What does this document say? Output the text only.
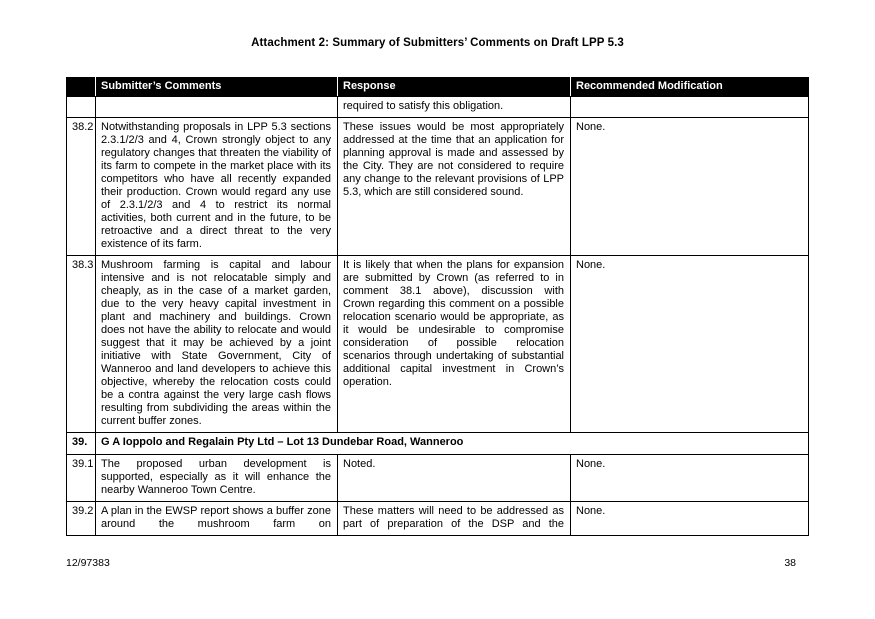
Attachment 2: Summary of Submitters’ Comments on Draft LPP 5.3
	Submitter’s Comments	Response	Recommended Modification
		required to satisfy this obligation.	
38.2	Notwithstanding proposals in LPP 5.3 sections 2.3.1/2/3 and 4, Crown strongly object to any regulatory changes that threaten the viability of its farm to compete in the market place with its competitors who have all recently expanded their production. Crown would regard any use of 2.3.1/2/3 and 4 to restrict its normal activities, both current and in the future, to be retroactive and a direct threat to the very existence of its farm.	These issues would be most appropriately addressed at the time that an application for planning approval is made and assessed by the City. They are not considered to require any change to the relevant provisions of LPP 5.3, which are still considered sound.	None.
38.3	Mushroom farming is capital and labour intensive and is not relocatable simply and cheaply, as in the case of a market garden, due to the very heavy capital investment in plant and machinery and buildings. Crown does not have the ability to relocate and would suggest that it may be achieved by a joint initiative with State Government, City of Wanneroo and land developers to achieve this objective, whereby the relocation costs could be a contra against the very large cash flows resulting from subdividing the areas within the current buffer zones.	It is likely that when the plans for expansion are submitted by Crown (as referred to in comment 38.1 above), discussion with Crown regarding this comment on a possible relocation scenario would be appropriate, as it would be undesirable to compromise consideration of possible relocation scenarios through undertaking of substantial additional capital investment in Crown’s operation.	None.
39.	G A Ioppolo and Regalain Pty Ltd – Lot 13 Dundebar Road, Wanneroo		
39.1	The proposed urban development is supported, especially as it will enhance the nearby Wanneroo Town Centre.	Noted.	None.
39.2	A plan in the EWSP report shows a buffer zone around the mushroom farm on	These matters will need to be addressed as part of preparation of the DSP and the	None.
12/97383	38
